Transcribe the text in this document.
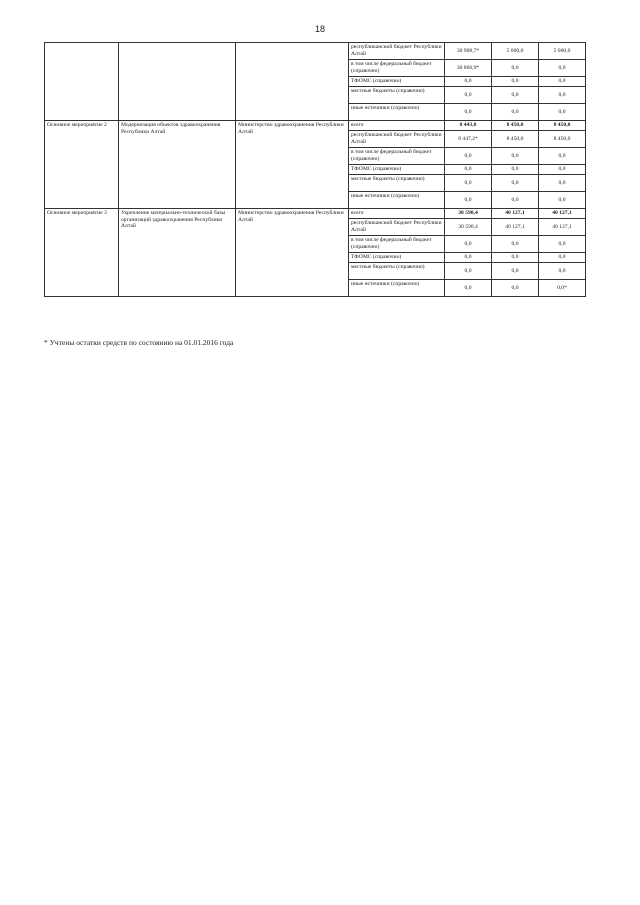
18
			республиканский бюджет Республики Алтай	30 908,7*	5 000,0	5 000,0
			в том числе федеральный бюджет (справочно)	30 866,9*	0,0	0,0
			ТФОМС (справочно)	0,0	0,0	0,0
			местные бюджеты (справочно)	0,0	0,0	0,0
			иные источники (справочно)	0,0	0,0	0,0
Основное мероприятие 2	Модернизация объектов здравоохранения Республики Алтай	Министерство здравоохранения Республики Алтай	всего	8 443,0	8 450,0	8 450,0
			республиканский бюджет Республики Алтай	8 447,2*	8 450,0	8 450,0
			в том числе федеральный бюджет (справочно)	0,0	0,0	0,0
			ТФОМС (справочно)	0,0	0,0	0,0
			местные бюджеты (справочно)	0,0	0,0	0,0
			иные источники (справочно)	0,0	0,0	0,0
Основное мероприятие 3	Укрепление материально-технической базы организаций здравоохранения Республики Алтай	Министерство здравоохранения Республики Алтай	всего	30 590,4	40 127,1	40 127,1
			республиканский бюджет Республики Алтай	30 590,4	40 127,1	40 127,1
			в том числе федеральный бюджет (справочно)	0,0	0,0	0,0
			ТФОМС (справочно)	0,0	0,0	0,0
			местные бюджеты (справочно)	0,0	0,0	0,0
			иные источники (справочно)	0,0	0,0	0,0*
* Учтены остатки средств по состоянию на 01.01.2016 года
